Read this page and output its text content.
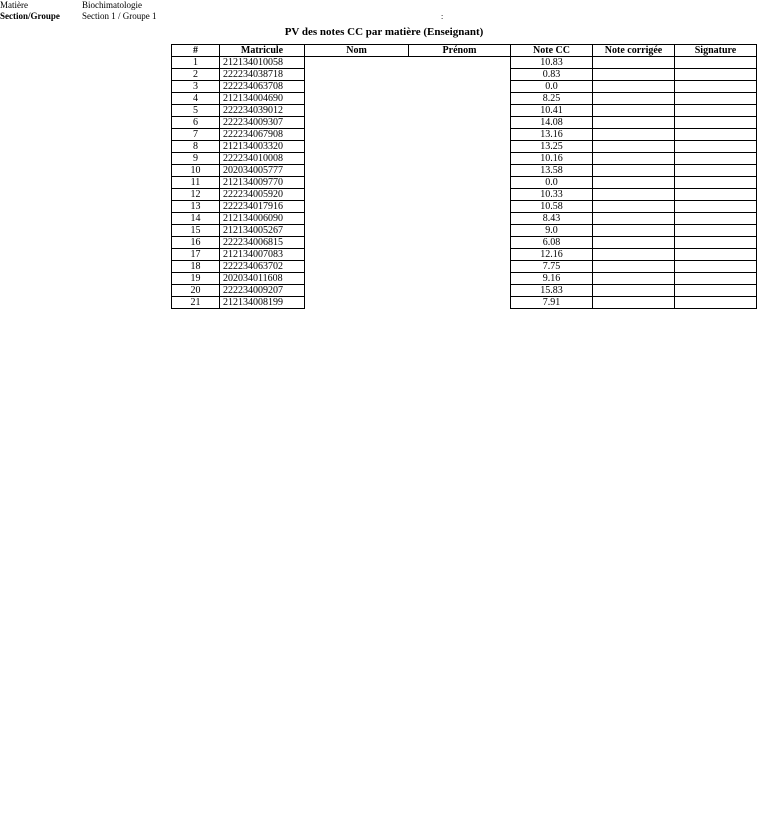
Matière	Biochimatologie
Section/Groupe	Section 1 / Groupe 1	:
PV des notes CC par matière (Enseignant)
#	Matricule	Nom	Prénom	Note CC	Note corrigée	Signature
1	212134010058			10.83		
2	222234038718			0.83		
3	222234063708			0.0		
4	212134004690			8.25		
5	222234039012			10.41		
6	222234009307			14.08		
7	222234067908			13.16		
8	212134003320			13.25		
9	222234010008			10.16		
10	202034005777			13.58		
11	212134009770			0.0		
12	222234005920			10.33		
13	222234017916			10.58		
14	212134006090			8.43		
15	212134005267			9.0		
16	222234006815			6.08		
17	212134007083			12.16		
18	222234063702			7.75		
19	202034011608			9.16		
20	222234009207			15.83		
21	212134008199			7.91		
